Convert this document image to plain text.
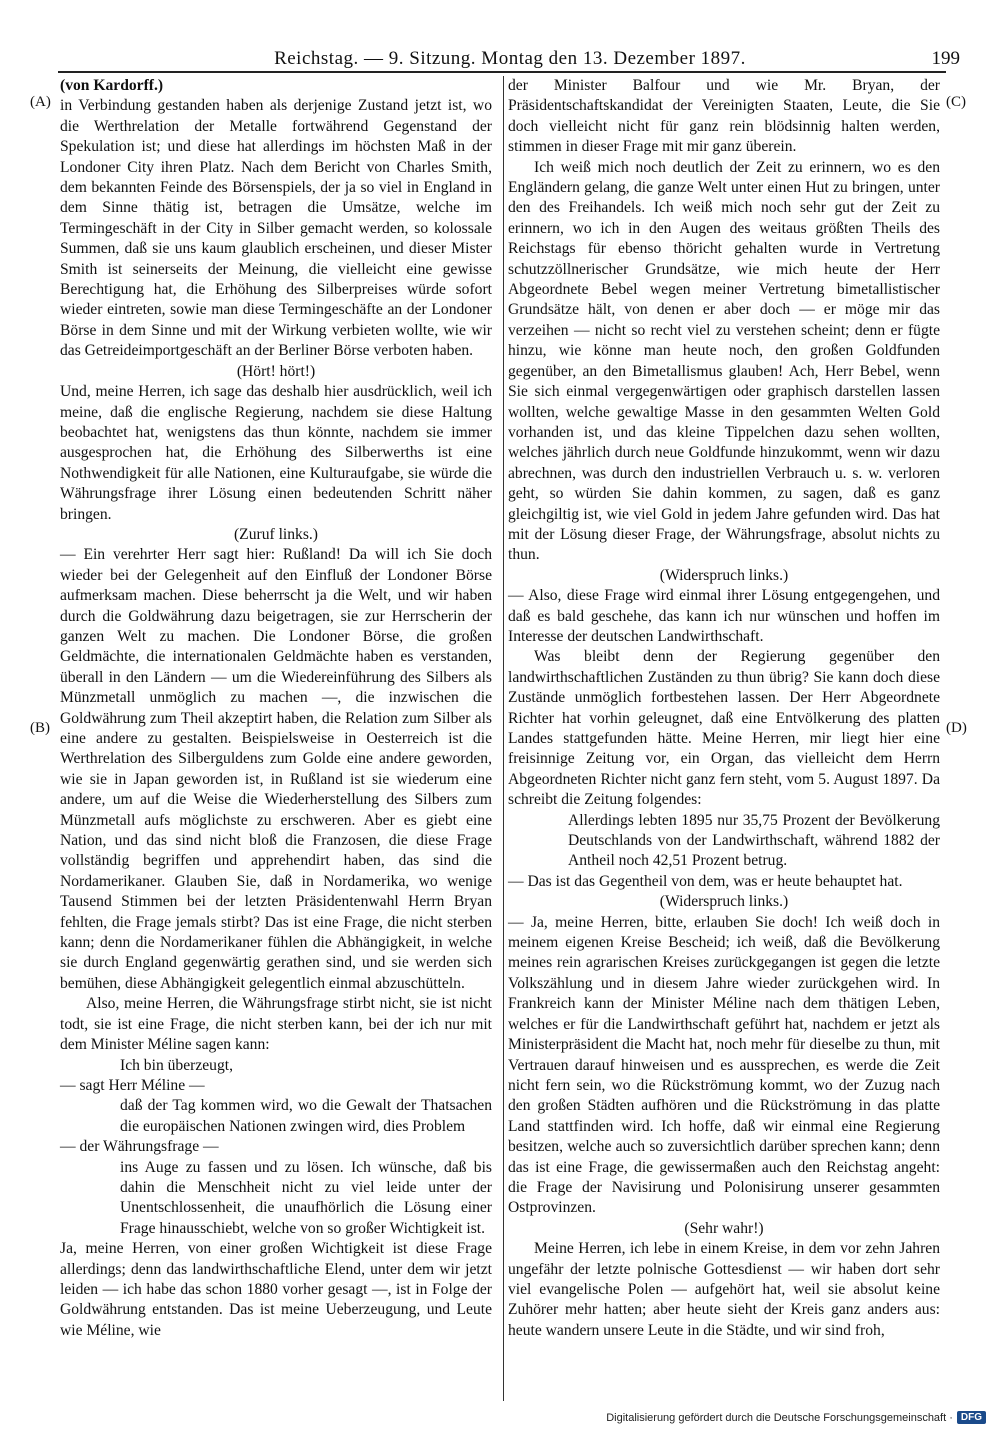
Reichstag. — 9. Sitzung. Montag den 13. Dezember 1897.	199
(A)
(B)
(C)
(D)

(von Kardorff.)

in Verbindung gestanden haben als derjenige Zustand jetzt ist, wo die Werthrelation der Metalle fortwährend Gegenstand der Spekulation ist; und diese hat allerdings im höchsten Maß in der Londoner City ihren Platz. Nach dem Bericht von Charles Smith, dem bekannten Feinde des Börsenspiels, der ja so viel in England in dem Sinne thätig ist, betragen die Umsätze, welche im Termingeschäft in der City in Silber gemacht werden, so kolossale Summen, daß sie uns kaum glaublich erscheinen, und dieser Mister Smith ist seinerseits der Meinung, die vielleicht eine gewisse Berechtigung hat, die Erhöhung des Silberpreises würde sofort wieder eintreten, sowie man diese Termingeschäfte an der Londoner Börse in dem Sinne und mit der Wirkung verbieten wollte, wie wir das Getreideimportgeschäft an der Berliner Börse verboten haben.

(Hört! hört!)

Und, meine Herren, ich sage das deshalb hier ausdrücklich, weil ich meine, daß die englische Regierung, nachdem sie diese Haltung beobachtet hat, wenigstens das thun könnte, nachdem sie immer ausgesprochen hat, die Erhöhung des Silberwerths ist eine Nothwendigkeit für alle Nationen, eine Kulturaufgabe, sie würde die Währungsfrage ihrer Lösung einen bedeutenden Schritt näher bringen.

(Zuruf links.)

— Ein verehrter Herr sagt hier: Rußland! Da will ich Sie doch wieder bei der Gelegenheit auf den Einfluß der Londoner Börse aufmerksam machen. Diese beherrscht ja die Welt, und wir haben durch die Goldwährung dazu beigetragen, sie zur Herrscherin der ganzen Welt zu machen. Die Londoner Börse, die großen Geldmächte, die internationalen Geldmächte haben es verstanden, überall in den Ländern — um die Wiedereinführung des Silbers als Münzmetall unmöglich zu machen —, die inzwischen die Goldwährung zum Theil akzeptirt haben, die Relation zum Silber als eine andere zu gestalten. Beispielsweise in Oesterreich ist die Werthrelation des Silberguldens zum Golde eine andere geworden, wie sie in Japan geworden ist, in Rußland ist sie wiederum eine andere, um auf die Weise die Wiederherstellung des Silbers zum Münzmetall aufs möglichste zu erschweren. Aber es giebt eine Nation, und das sind nicht bloß die Franzosen, die diese Frage vollständig begriffen und apprehendirt haben, das sind die Nordamerikaner. Glauben Sie, daß in Nordamerika, wo wenige Tausend Stimmen bei der letzten Präsidentenwahl Herrn Bryan fehlten, die Frage jemals stirbt? Das ist eine Frage, die nicht sterben kann; denn die Nordamerikaner fühlen die Abhängigkeit, in welche sie durch England gegenwärtig gerathen sind, und sie werden sich bemühen, diese Abhängigkeit gelegentlich einmal abzuschütteln.

Also, meine Herren, die Währungsfrage stirbt nicht, sie ist nicht todt, sie ist eine Frage, die nicht sterben kann, bei der ich nur mit dem Minister Méline sagen kann:

Ich bin überzeugt,

— sagt Herr Méline —

daß der Tag kommen wird, wo die Gewalt der Thatsachen die europäischen Nationen zwingen wird, dies Problem

— der Währungsfrage —

ins Auge zu fassen und zu lösen. Ich wünsche, daß bis dahin die Menschheit nicht zu viel leide unter der Unentschlossenheit, die unaufhörlich die Lösung einer Frage hinausschiebt, welche von so großer Wichtigkeit ist.

Ja, meine Herren, von einer großen Wichtigkeit ist diese Frage allerdings; denn das landwirthschaftliche Elend, unter dem wir jetzt leiden — ich habe das schon 1880 vorher gesagt —, ist in Folge der Goldwährung entstanden. Das ist meine Ueberzeugung, und Leute wie Méline, wie

der Minister Balfour und wie Mr. Bryan, der Präsidentschaftskandidat der Vereinigten Staaten, Leute, die Sie doch vielleicht nicht für ganz rein blödsinnig halten werden, stimmen in dieser Frage mit mir ganz überein.

Ich weiß mich noch deutlich der Zeit zu erinnern, wo es den Engländern gelang, die ganze Welt unter einen Hut zu bringen, unter den des Freihandels. Ich weiß mich noch sehr gut der Zeit zu erinnern, wo ich in den Augen des weitaus größten Theils des Reichstags für ebenso thöricht gehalten wurde in Vertretung schutzzöllnerischer Grundsätze, wie mich heute der Herr Abgeordnete Bebel wegen meiner Vertretung bimetallistischer Grundsätze hält, von denen er aber doch — er möge mir das verzeihen — nicht so recht viel zu verstehen scheint; denn er fügte hinzu, wie könne man heute noch, den großen Goldfunden gegenüber, an den Bimetallismus glauben! Ach, Herr Bebel, wenn Sie sich einmal vergegenwärtigen oder graphisch darstellen lassen wollten, welche gewaltige Masse in den gesammten Welten Gold vorhanden ist, und das kleine Tippelchen dazu sehen wollten, welches jährlich durch neue Goldfunde hinzukommt, wenn wir dazu abrechnen, was durch den industriellen Verbrauch u. s. w. verloren geht, so würden Sie dahin kommen, zu sagen, daß es ganz gleichgiltig ist, wie viel Gold in jedem Jahre gefunden wird. Das hat mit der Lösung dieser Frage, der Währungsfrage, absolut nichts zu thun.

(Widerspruch links.)

— Also, diese Frage wird einmal ihrer Lösung entgegengehen, und daß es bald geschehe, das kann ich nur wünschen und hoffen im Interesse der deutschen Landwirthschaft.

Was bleibt denn der Regierung gegenüber den landwirthschaftlichen Zuständen zu thun übrig? Sie kann doch diese Zustände unmöglich fortbestehen lassen. Der Herr Abgeordnete Richter hat vorhin geleugnet, daß eine Entvölkerung des platten Landes stattgefunden hätte. Meine Herren, mir liegt hier eine freisinnige Zeitung vor, ein Organ, das vielleicht dem Herrn Abgeordneten Richter nicht ganz fern steht, vom 5. August 1897. Da schreibt die Zeitung folgendes:

Allerdings lebten 1895 nur 35,75 Prozent der Bevölkerung Deutschlands von der Landwirthschaft, während 1882 der Antheil noch 42,51 Prozent betrug.

— Das ist das Gegentheil von dem, was er heute behauptet hat.

(Widerspruch links.)

— Ja, meine Herren, bitte, erlauben Sie doch! Ich weiß doch in meinem eigenen Kreise Bescheid; ich weiß, daß die Bevölkerung meines rein agrarischen Kreises zurückgegangen ist gegen die letzte Volkszählung und in diesem Jahre wieder zurückgehen wird. In Frankreich kann der Minister Méline nach dem thätigen Leben, welches er für die Landwirthschaft geführt hat, nachdem er jetzt als Ministerpräsident die Macht hat, noch mehr für dieselbe zu thun, mit Vertrauen darauf hinweisen und es aussprechen, es werde die Zeit nicht fern sein, wo die Rückströmung kommt, wo der Zuzug nach den großen Städten aufhören und die Rückströmung in das platte Land stattfinden wird. Ich hoffe, daß wir einmal eine Regierung besitzen, welche auch so zuversichtlich darüber sprechen kann; denn das ist eine Frage, die gewissermaßen auch den Reichstag angeht: die Frage der Navisirung und Polonisirung unserer gesammten Ostprovinzen.

(Sehr wahr!)

Meine Herren, ich lebe in einem Kreise, in dem vor zehn Jahren ungefähr der letzte polnische Gottesdienst — wir haben dort sehr viel evangelische Polen — aufgehört hat, weil sie absolut keine Zuhörer mehr hatten; aber heute sieht der Kreis ganz anders aus: heute wandern unsere Leute in die Städte, und wir sind froh,

Digitalisierung gefördert durch die Deutsche Forschungsgemeinschaft · DFG
